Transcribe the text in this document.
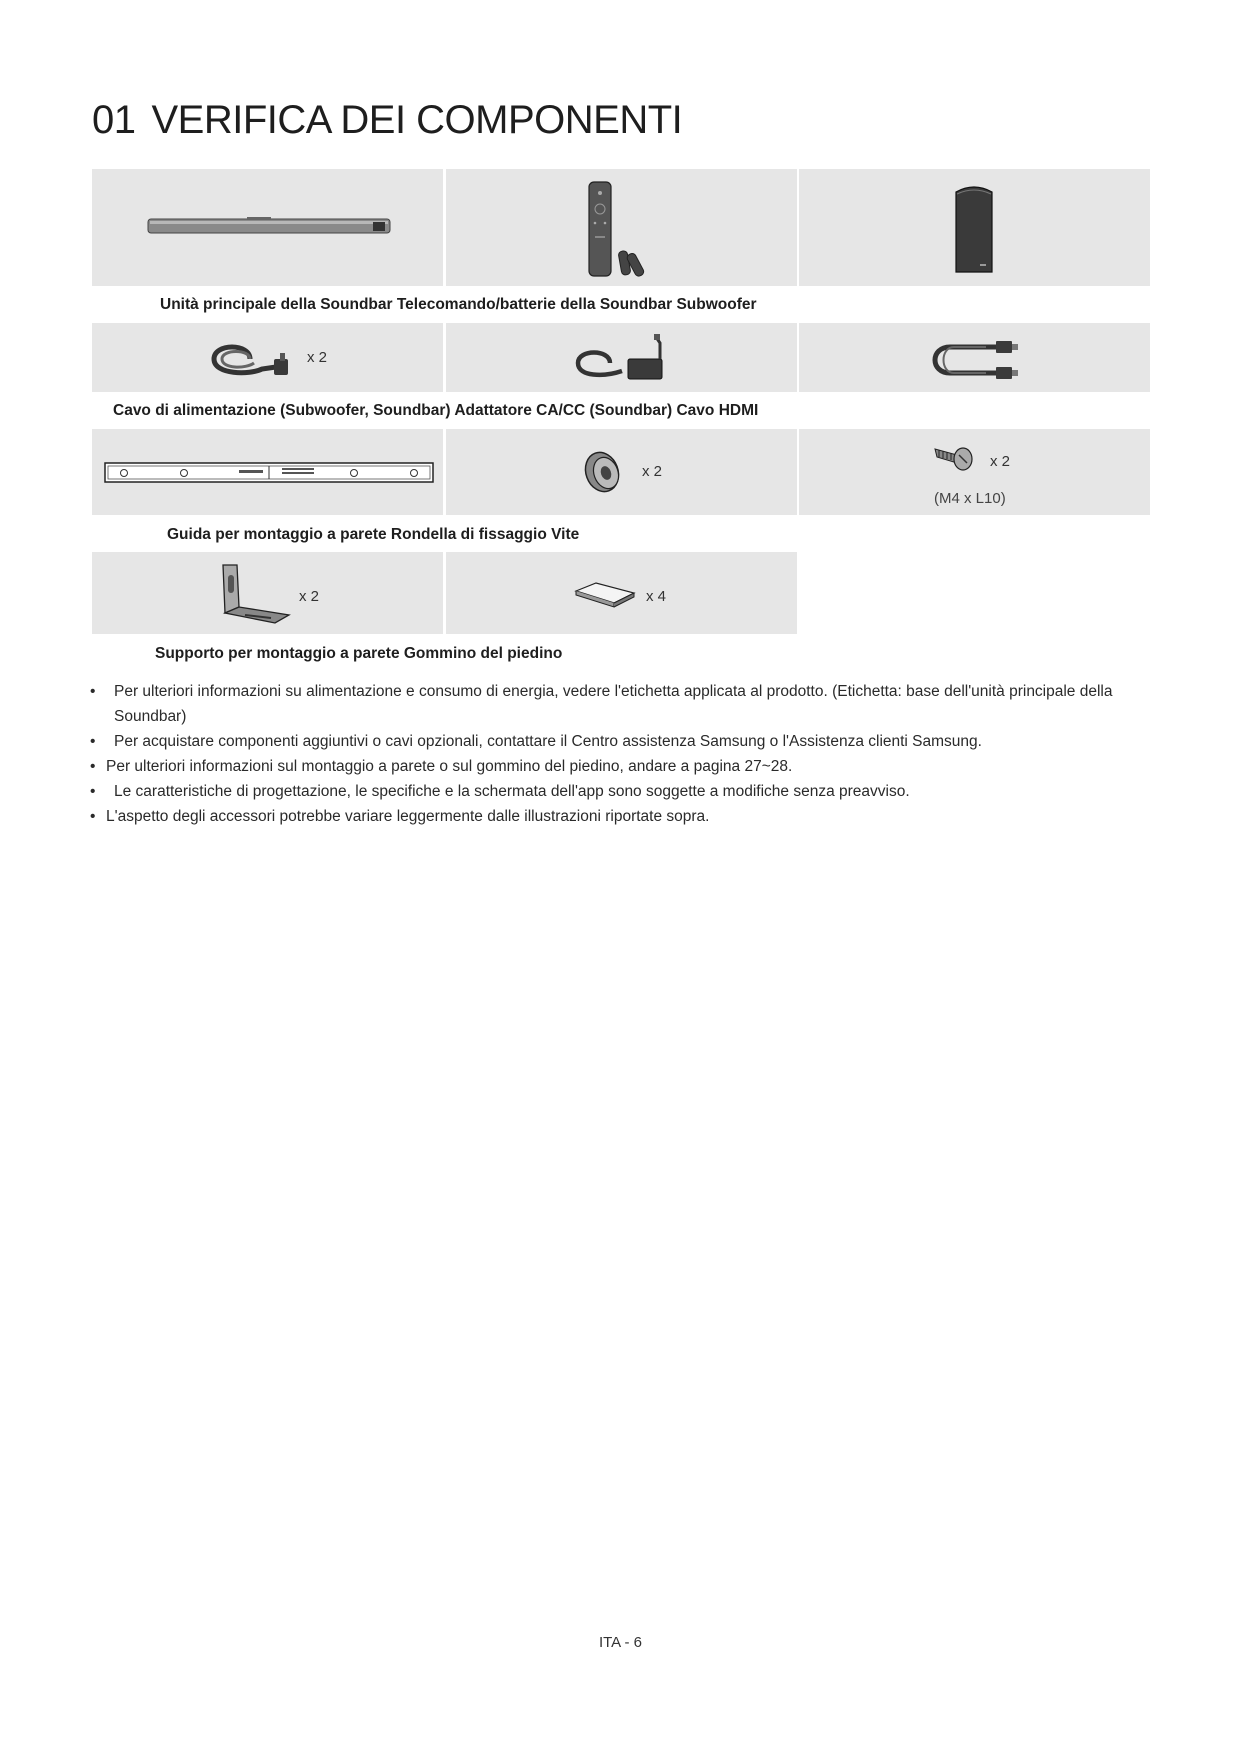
01 VERIFICA DEI COMPONENTI
Unità principale della Soundbar Telecomando/batterie della Soundbar Subwoofer
x 2
Cavo di alimentazione (Subwoofer, Soundbar) Adattatore CA/CC (Soundbar) Cavo HDMI
x 2
x 2
(M4 x L10)
Guida per montaggio a parete Rondella di fissaggio Vite
x 2	x 4
Supporto per montaggio a parete Gommino del piedino
• Per ulteriori informazioni su alimentazione e consumo di energia, vedere l'etichetta applicata al prodotto. (Etichetta: base dell'unità principale della Soundbar)
• Per acquistare componenti aggiuntivi o cavi opzionali, contattare il Centro assistenza Samsung o l'Assistenza clienti Samsung.
• Per ulteriori informazioni sul montaggio a parete o sul gommino del piedino, andare a pagina 27~28.
• Le caratteristiche di progettazione, le specifiche e la schermata dell'app sono soggette a modifiche senza preavviso.
• L'aspetto degli accessori potrebbe variare leggermente dalle illustrazioni riportate sopra.
ITA - 6
